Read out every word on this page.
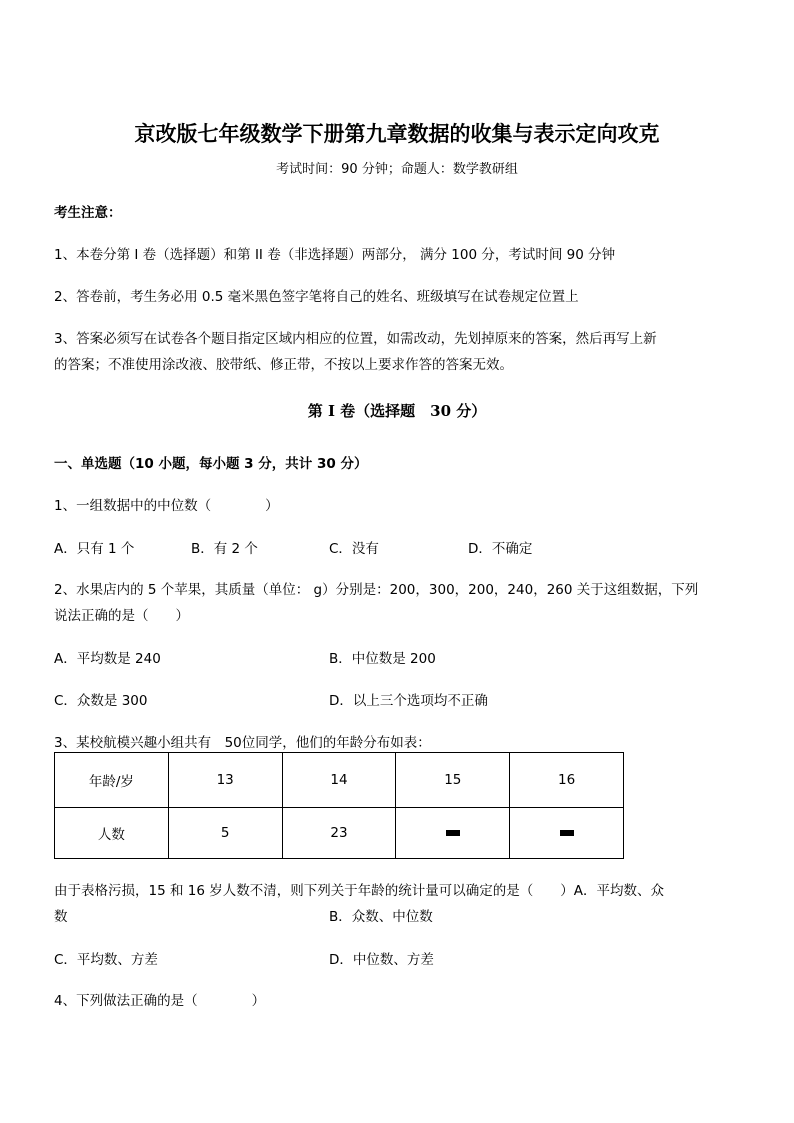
京改版七年级数学下册第九章数据的收集与表示定向攻克
考试时间：90 分钟；命题人：数学教研组
考生注意：
1、本卷分第 I 卷（选择题）和第 II 卷（非选择题）两部分， 满分 100 分，考试时间 90 分钟
2、答卷前，考生务必用 0.5 毫米黑色签字笔将自己的姓名、班级填写在试卷规定位置上
3、答案必须写在试卷各个题目指定区域内相应的位置，如需改动，先划掉原来的答案，然后再写上新
的答案；不准使用涂改液、胶带纸、修正带，不按以上要求作答的答案无效。
第 I 卷（选择题　30 分）
一、单选题（10 小题，每小题 3 分，共计 30 分）
1、一组数据中的中位数（　　　　）
A．只有 1 个	B．有 2 个	C．没有	D．不确定
2、水果店内的 5 个苹果，其质量（单位： g）分别是：200，300，200，240，260 关于这组数据，下列
说法正确的是（　　）
A．平均数是 240	B．中位数是 200
C．众数是 300	D．以上三个选项均不正确
3、某校航模兴趣小组共有　50位同学，他们的年龄分布如表：
年龄/岁	13	14	15	16
人数	5	23		
由于表格污损，15 和 16 岁人数不清，则下列关于年龄的统计量可以确定的是（　　）A．平均数、众
数	B．众数、中位数
C．平均数、方差	D．中位数、方差
4、下列做法正确的是（　　　　）
